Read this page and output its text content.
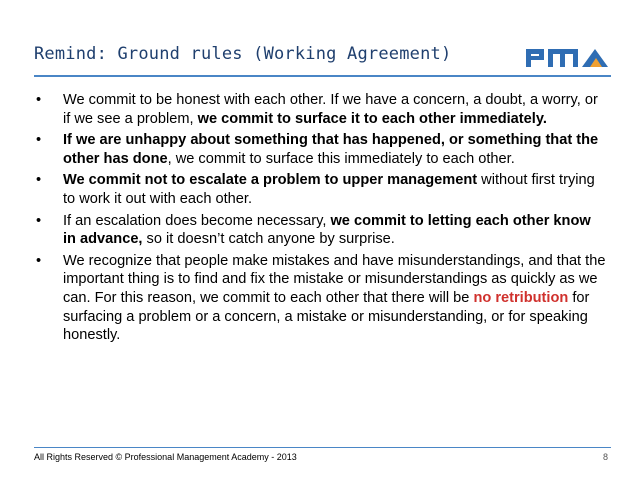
Remind: Ground rules (Working Agreement)
• We commit to be honest with each other. If we have a concern, a doubt, a worry, or if we see a problem, we commit to surface it to each other immediately.
• If we are unhappy about something that has happened, or something that the other has done, we commit to surface this immediately to each other.
• We commit not to escalate a problem to upper management without first trying to work it out with each other.
• If an escalation does become necessary, we commit to letting each other know in advance, so it doesn’t catch anyone by surprise.
• We recognize that people make mistakes and have misunderstandings, and that the important thing is to find and fix the mistake or misunderstandings as quickly as we can. For this reason, we commit to each other that there will be no retribution for surfacing a problem or a concern, a mistake or misunderstanding, or for speaking honestly.
All Rights Reserved © Professional Management Academy - 2013	8
